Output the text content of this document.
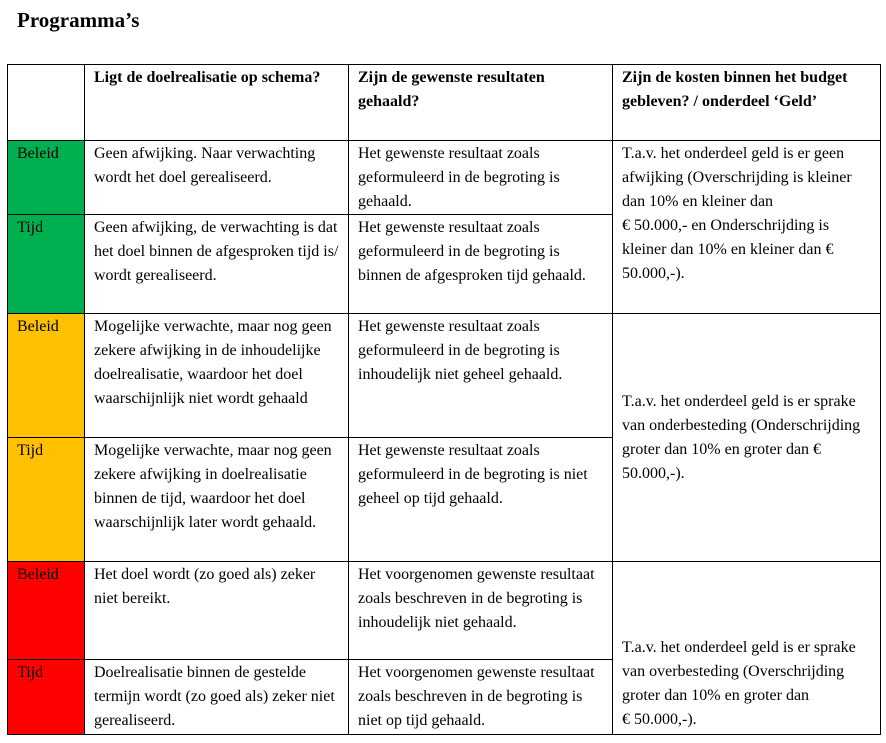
Programma’s
	Ligt de doelrealisatie op schema?	Zijn de gewenste resultaten gehaald?	Zijn de kosten binnen het budget gebleven? / onderdeel ‘Geld’
Beleid	Geen afwijking. Naar verwachting wordt het doel gerealiseerd.	Het gewenste resultaat zoals geformuleerd in de begroting is gehaald.	T.a.v. het onderdeel geld is er geen afwijking (Overschrijding is kleiner dan 10% en kleiner dan
€ 50.000,- en Onderschrijding is kleiner dan 10% en kleiner dan € 50.000,-).

Tijd	Geen afwijking, de verwachting is dat het doel binnen de afgesproken tijd is/ wordt gerealiseerd.	Het gewenste resultaat zoals geformuleerd in de begroting is binnen de afgesproken tijd gehaald.	
Beleid	Mogelijke verwachte, maar nog geen zekere afwijking in de inhoudelijke doelrealisatie, waardoor het doel waarschijnlijk niet wordt gehaald	Het gewenste resultaat zoals geformuleerd in de begroting is inhoudelijk niet geheel gehaald.	T.a.v. het onderdeel geld is er sprake van onderbesteding (Onderschrijding groter dan 10% en groter dan € 50.000,-).

Tijd	Mogelijke verwachte, maar nog geen zekere afwijking in doelrealisatie binnen de tijd, waardoor het doel waarschijnlijk later wordt gehaald.	Het gewenste resultaat zoals geformuleerd in de begroting is niet geheel op tijd gehaald.	
Beleid	Het doel wordt (zo goed als) zeker niet bereikt.	Het voorgenomen gewenste resultaat zoals beschreven in de begroting is inhoudelijk niet gehaald.	T.a.v. het onderdeel geld is er sprake van overbesteding (Overschrijding groter dan 10% en groter dan
€ 50.000,-).

Tijd	Doelrealisatie binnen de gestelde termijn wordt (zo goed als) zeker niet gerealiseerd.	Het voorgenomen gewenste resultaat zoals beschreven in de begroting is niet op tijd gehaald.	
